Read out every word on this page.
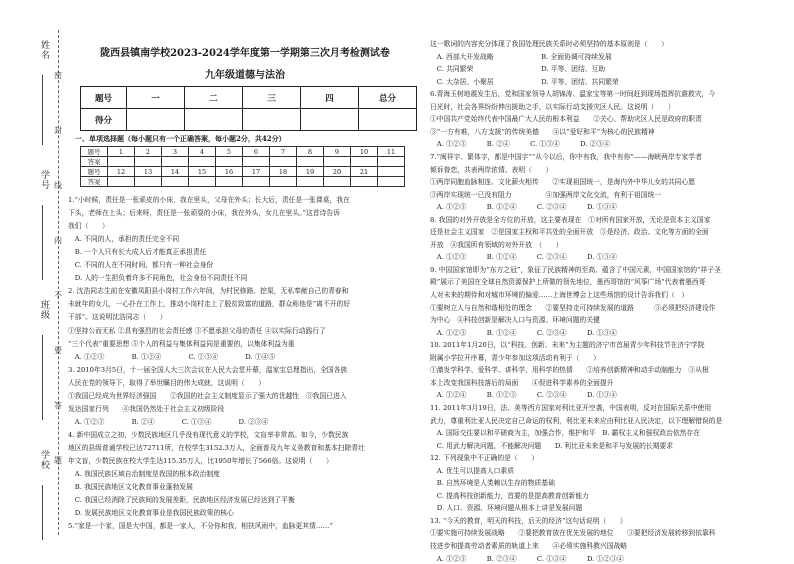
姓名
学号
班级
学校
密
封
线
内
不
要
答
题
陇西县镇南学校2023-2024学年度第一学期第三次月考检测试卷
九年级道德与法治
题号	一	二	三	四	总分
得分					
一、单项选择题（每小题只有一个正确答案，每小题2分，共42分）
题号	1	2	3	4	5	6	7	8	9	10	11
答案											
题号	12	13	14	15	16	17	18	19	20	21	
答案											
1.“小时候，责任是一张顽皮的小床，我在里头，父母在外头；长大后，责任是一张课桌，我在
下头，老师在上头；后来呀，责任是一张顽耍的小床，我在外头，女儿在里头。”这首诗告诉
我们（　　）
　A. 不同的人，承担的责任完全不同
　B. 一个人只有长大成人后才能真正承担责任
　C. 不同的人在不同时间，都只有一种社会身份
　D. 人的一生担负着许多不同角色，社会身份不同责任不同
2. 沈浩同志生前在安徽凤阳县小岗村工作六年间，为村民修路、挖渠，无私奉献自己的青春和
未就年的女儿，一心扑在工作上，推动小岗村走上了脱贫致富的道路，群众称他是“离不开的好
干部”。这说明沈浩同志（　　）
①坚持公而无私 ②具有强烈的社会责任感 ③不愿承担父母的责任 ④以实际行动践行了
“三个代表”重要思想 ⑤个人的利益与集体利益同是重要的，以集体利益为重
　A. ①②③　　　　B. ①②④　　　　C. ①③④　　　　D. ①④⑤
3. 2010年3月5日，十一届全国人大三次会议在人民大会堂开幕，温家宝总理指出，全国各族
人民在党的领导下，取得了举世瞩目的伟大成就，这说明（　　）
①我国已经成为世界经济强国　　②我国的社会主义制度显示了强大的优越性　③我国已进入
发达国家行列　　④我国仍然处于社会主义初级阶段
　A. ①②③　　　　B. ②④　　　　C. ①③④　　　　D. ②③④
4. 新中国成立之初，少数民族地区几乎没有现代意义的学校，文盲率非常高。如今，少数民族
地区的县级普通学校已达72711所，在校学生3152.3万人，全面普及九年义务教育和基本扫除青壮
年文盲，少数民族在校大学生达115.35万人，比1950年增长了566倍。这说明（　　）
　A. 我国民族区域自治制度是我国的根本政治制度
　B. 我国民族地区文化教育事业蓬勃发展
　C. 我国已经消除了民族间的发展差距，民族地区经济发展已经达到了平衡
　D. 发展民族地区文化教育事业是我国民族政策的核心
5.“家是一个家，国是大中国，都是一家人，不分你和我，相扶风雨中，血脉更其情……”
这一歌词的内容充分体现了我国处理民族关系时必须坚持的基本原则是（　　）
　A. 西部大开发战略　　　　　　　B. 全面协调可持续发展
　C. 共同繁荣　　　　　　　　　　D. 平等、团结、互助
　C. 大杂居、小聚居　　　　　　　D. 平等、团结、共同繁荣
6.青海玉树地震发生后，党和国家领导人胡锦涛、温家宝等第一时间赶到现场指挥抗震救灾，今
日光时，社会各界纷纷伸出援助之手，以实际行动支援灾区人民。这说明（　　）
①中国共产党始终代表中国最广大人民的根本利益　　②关心、帮助灾区人民是政府的职责
③“一方有难，八方支援”的传统美德　　④以“爱好和平”为核心的民族精神
　A. ①②③　　　B. ②④　　　C. ①③④　　　D. ②③④
7.“闽祥宇、繁体字，都是中国字”“从今以后，你中有我，我中有你”——海峡两岸专家学者
倾诉眷恋，共表两岸浓情。表明（　　）
①两岸同胞血脉相连、文化薪火相传　　②实现祖国统一，是海内外中华儿女的共同心愿
③两岸实现统一已没有阻力　　　　　④加强两岸文化交流，有利于祖国统一
　A. ①②③　　　B. ①②④　　　C. ②③④　　　D. ①③④
8. 我国的对外开放是全方位的开放，这主要表现在　①对所有国家开放，无论是资本主义国家
还是社会主义国家　②是国家主权和平共处的全面开放　③是经济、政治、文化等方面的全面
开放　④我国所有领域的对外开放　（　　）
　A. ①②③　　　B. ①②④　　　C. ②③④　　　D. ①③④
9. 中国国家馆即为“东方之冠”，象征了民族精神的至高、蕴含了中国元素，中国国家馆的“祥子圣
殿”展示了美国在全球自然资源保护上所做的领先地位，墨西哥馆的“风筝广场”代表着墨西哥
人对未来的期待和对城市环境的偏爱……上海世博会上这些场馆的设计告诉我们（　）
①要树立人与自然和谐相处的理念　　②要坚持走可持续发展的道路　　　③必须把经济建设作
为中心　④科技创新是解决人口与资源、环境问题的关键
　A. ①②③　　　B. ①②④　　　C. ②③④　　　D. ①③④
10. 2011年1月20日，以“科技、创新、未来”为主题的济宁市首届青少年科技节在济宁学院
附属小学拉开序幕，青少年参加这项活动有利于（　　）
①激发学科学、爱科学、讲科学、用科学的热情　　②培养创新精神和动手动脑能力　③从根
本上改变我国科技落后的局面　　④促进科学素养的全面提升
　A. ①②④　　　B. ①②③　　　C. ②③④　　　D. ①③④
11. 2011年3月19日，法、美等西方国家对利比亚开空袭，中国表明，反对在国际关系中使用
武力，尊重利比亚人民决定自己命运的权利，利比亚未来应由利比亚人民决定，以下理解错误的是
　A. 国际交往要以和平磋商为主，加强合作，维护和平　B. 霸权主义和强权政治依然存在
　C. 用武力解决问题，不能解决问题　　D. 利比亚未来是和平与发展的长期要求
12. 下列现象中不正确的是（　　）
　A. 优生可以提高人口素质
　B. 自然环境是人类赖以生存的物质基础
　C. 提高科技创新能力，首要的是提高教育创新能力
　D. 人口、资源、环境问题从根本上讲是发展问题
13. “今天的教育，明天的科技，后天的经济”这句话说明（　　）
①要实施可持续发展战略　　②要把教育放在优先发展的地位　　③要把经济发展转移到依靠科
技进步和提高劳动者素质的轨道上来　　④必须实施科教兴国战略
　A. ①②③　　　B. ②③④　　　C. ①③④　　　D. ①②③④
